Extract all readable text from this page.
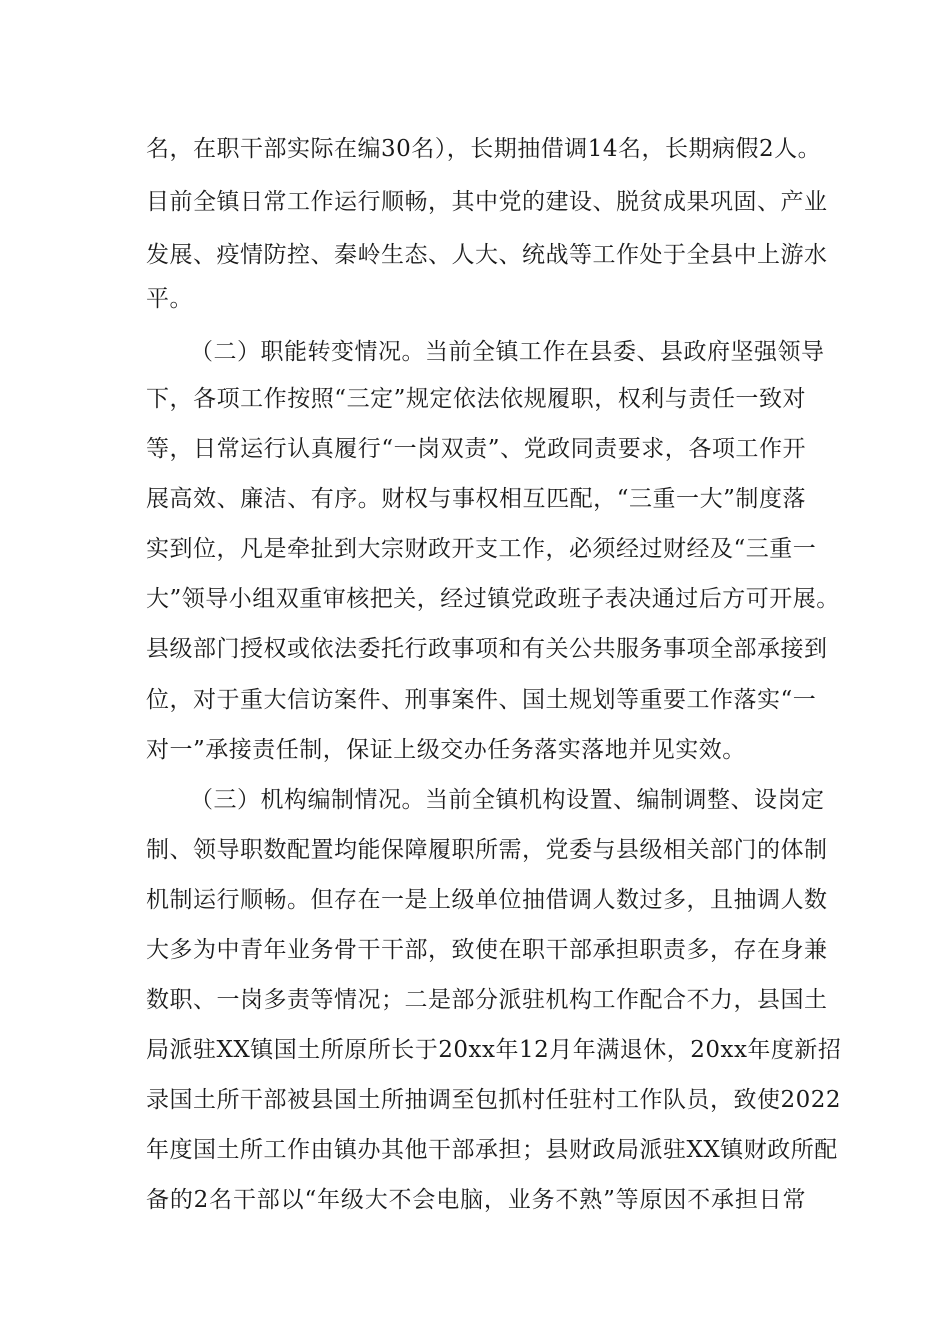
名，在职干部实际在编30名），长期抽借调14名，长期病假2人。
目前全镇日常工作运行顺畅，其中党的建设、脱贫成果巩固、产业
发展、疫情防控、秦岭生态、人大、统战等工作处于全县中上游水
平。
（二）职能转变情况。当前全镇工作在县委、县政府坚强领导
下，各项工作按照“三定”规定依法依规履职，权利与责任一致对
等，日常运行认真履行“一岗双责”、党政同责要求，各项工作开
展高效、廉洁、有序。财权与事权相互匹配，“三重一大”制度落
实到位，凡是牵扯到大宗财政开支工作，必须经过财经及“三重一
大”领导小组双重审核把关，经过镇党政班子表决通过后方可开展。
县级部门授权或依法委托行政事项和有关公共服务事项全部承接到
位，对于重大信访案件、刑事案件、国土规划等重要工作落实“一
对一”承接责任制，保证上级交办任务落实落地并见实效。
（三）机构编制情况。当前全镇机构设置、编制调整、设岗定
制、领导职数配置均能保障履职所需，党委与县级相关部门的体制
机制运行顺畅。但存在一是上级单位抽借调人数过多，且抽调人数
大多为中青年业务骨干干部，致使在职干部承担职责多，存在身兼
数职、一岗多责等情况；二是部分派驻机构工作配合不力，县国土
局派驻XX镇国土所原所长于20xx年12月年满退休，20xx年度新招
录国土所干部被县国土所抽调至包抓村任驻村工作队员，致使2022
年度国土所工作由镇办其他干部承担；县财政局派驻XX镇财政所配
备的2名干部以“年级大不会电脑，业务不熟”等原因不承担日常
